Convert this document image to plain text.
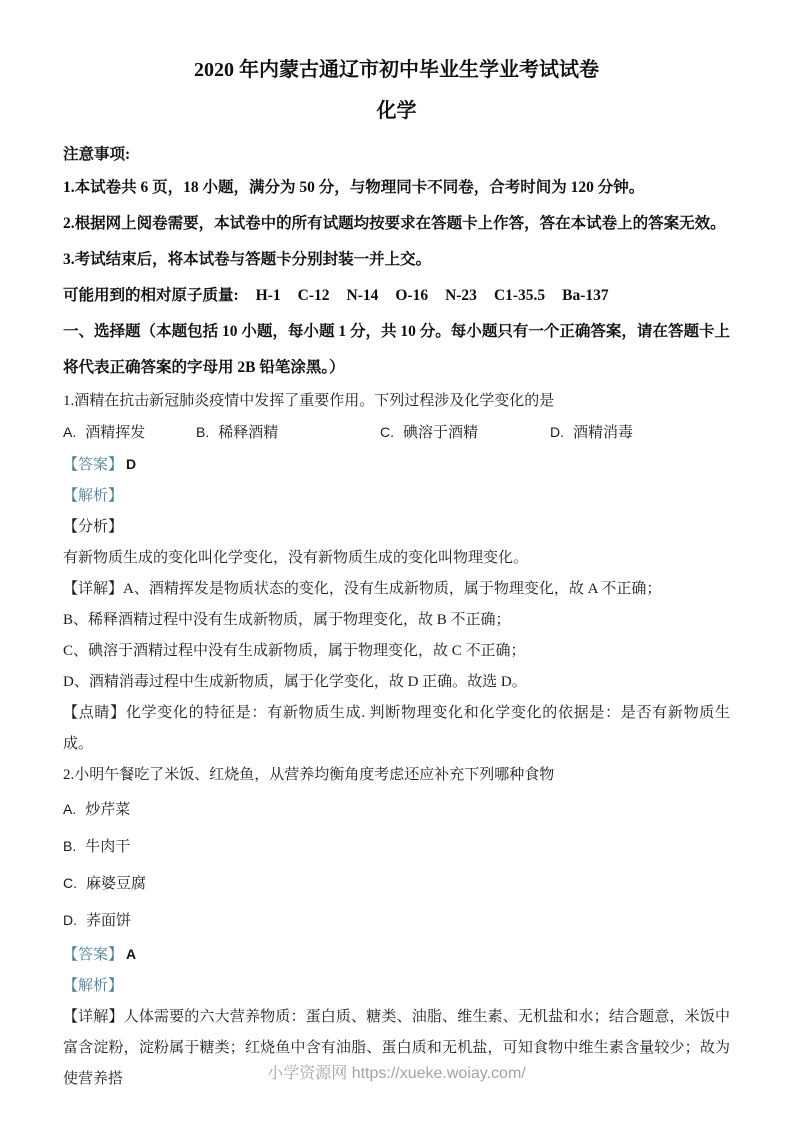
2020 年内蒙古通辽市初中毕业生学业考试试卷
化学

注意事项:

1.本试卷共 6 页，18 小题，满分为 50 分，与物理同卡不同卷，合考时间为 120 分钟。

2.根据网上阅卷需要，本试卷中的所有试题均按要求在答题卡上作答，答在本试卷上的答案无效。

3.考试结束后，将本试卷与答题卡分别封装一并上交。

可能用到的相对原子质量: H-1 C-12 N-14 O-16 N-23 C1-35.5 Ba-137

一、选择题（本题包括 10 小题，每小题 1 分，共 10 分。每小题只有一个正确答案，请在答题卡上将代表正确答案的字母用 2B 铅笔涂黑。）

1.酒精在抗击新冠肺炎疫情中发挥了重要作用。下列过程涉及化学变化的是

A. 酒精挥发	B. 稀释酒精	C. 碘溶于酒精	D. 酒精消毒

【答案】 D

【解析】

【分析】

有新物质生成的变化叫化学变化，没有新物质生成的变化叫物理变化。

【详解】A、酒精挥发是物质状态的变化，没有生成新物质，属于物理变化，故 A 不正确；

B、稀释酒精过程中没有生成新物质，属于物理变化，故 B 不正确；

C、碘溶于酒精过程中没有生成新物质，属于物理变化，故 C 不正确；

D、酒精消毒过程中生成新物质，属于化学变化，故 D 正确。故选 D。

【点睛】化学变化的特征是：有新物质生成. 判断物理变化和化学变化的依据是：是否有新物质生成。

2.小明午餐吃了米饭、红烧鱼，从营养均衡角度考虑还应补充下列哪种食物

A. 炒芹菜

B. 牛肉干

C. 麻婆豆腐

D. 荞面饼

【答案】 A

【解析】

【详解】人体需要的六大营养物质：蛋白质、糖类、油脂、维生素、无机盐和水；结合题意，米饭中富含淀粉，淀粉属于糖类；红烧鱼中含有油脂、蛋白质和无机盐，可知食物中维生素含量较少；故为使营养搭	小学资源网 https://xueke.woiay.com/
